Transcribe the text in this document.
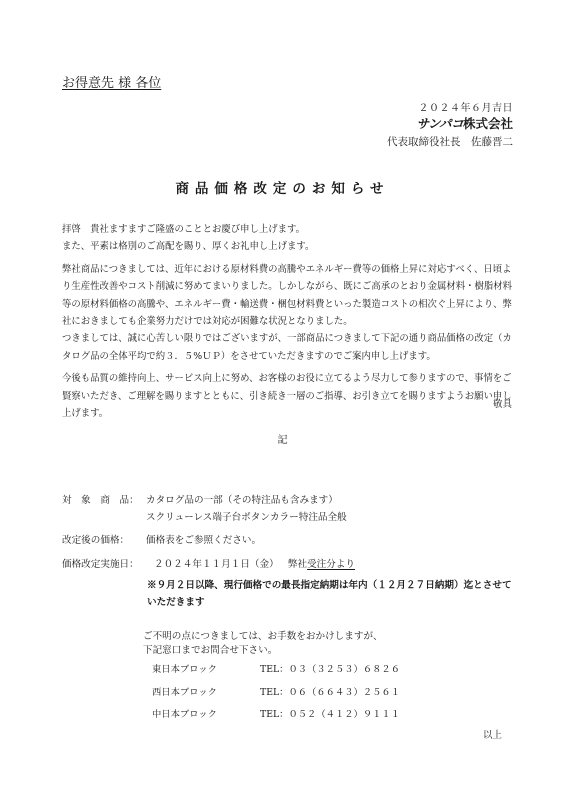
お得意先 様 各位
２０２４年６月吉日
サンパコ株式会社
代表取締役社長　佐藤晋二
商品価格改定のお知らせ

拝啓　貴社ますますご隆盛のこととお慶び申し上げます。
また、平素は格別のご高配を賜り、厚くお礼申し上げます。

弊社商品につきましては、近年における原材料費の高騰やエネルギー費等の価格上昇に対応すべく、日頃より生産性改善やコスト削減に努めてまいりました。しかしながら、既にご高承のとおり金属材料・樹脂材料等の原材料価格の高騰や、エネルギー費・輸送費・梱包材料費といった製造コストの相次ぐ上昇により、弊社におきましても企業努力だけでは対応が困難な状況となりました。
つきましては、誠に心苦しい限りではございますが、一部商品につきまして下記の通り商品価格の改定（カタログ品の全体平均で約３．５%ＵＰ）をさせていただきますのでご案内申し上げます。

今後も品質の維持向上、サービス向上に努め、お客様のお役に立てるよう尽力して参りますので、事情をご賢察いただき、ご理解を賜りますとともに、引き続き一層のご指導、お引き立てを賜りますようお願い申し上げます。

敬具
記
対　象　商　品： カタログ品の一部（その特注品も含みます）
スクリューレス端子台ボタンカラー特注品全般
改定後の価格： 価格表をご参照ください。
価格改定実施日： ２０２４年１１月１日（金） 弊社受注分より
※９月２日以降、現行価格での最長指定納期は年内（１２月２７日納期）迄とさせていただきます
ご不明の点につきましては、お手数をおかけしますが、
下記窓口までお問合せ下さい。
東日本ブロック	TEL：０３（３２５３）６８２６
西日本ブロック	TEL：０６（６６４３）２５６１
中日本ブロック	TEL：０５２（４１２）９１１１
以上
